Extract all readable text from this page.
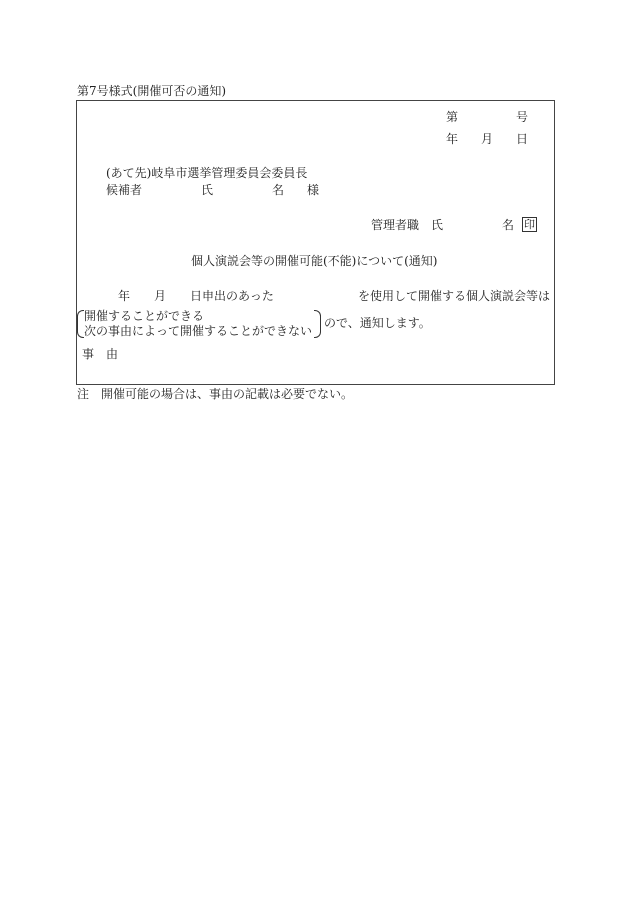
第7号様式(開催可否の通知)
第	号
年 月 日
(あて先)岐阜市選挙管理委員会委員長
候補者	氏	名 様
管理者職　氏	名 印
個人演説会等の開催可能(不能)について(通知)
年 月 日申出のあった	を使用して開催する個人演説会等は
開催することができる
次の事由によって開催することができない
ので、通知します。
事　由
注　開催可能の場合は、事由の記載は必要でない。
